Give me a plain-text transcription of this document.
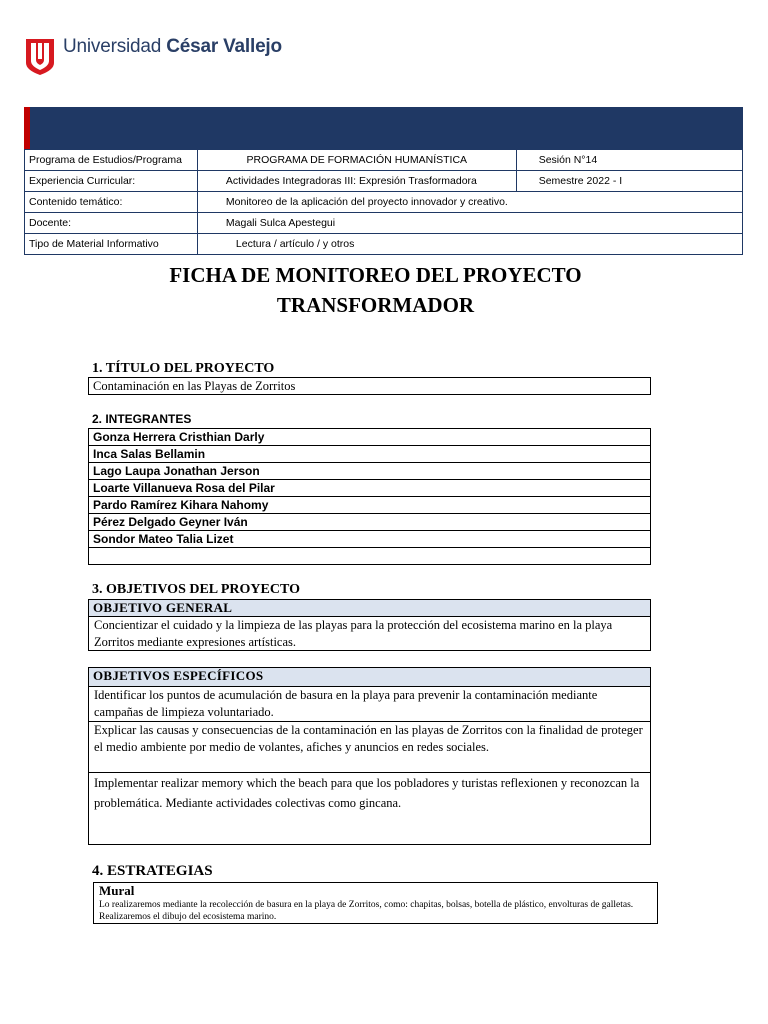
Universidad César Vallejo
Programa de Estudios/Programa	PROGRAMA DE FORMACIÓN HUMANÍSTICA	Sesión N°14
Experiencia Curricular:	Actividades Integradoras III: Expresión Trasformadora	Semestre 2022 - I
Contenido temático:	Monitoreo de la aplicación del proyecto innovador y creativo.	
Docente:	Magali Sulca Apestegui	
Tipo de Material Informativo	Lectura / artículo / y otros	
FICHA DE MONITOREO DEL PROYECTO
TRANSFORMADOR
1. TÍTULO DEL PROYECTO
Contaminación en las Playas de Zorritos
2. INTEGRANTES
Gonza Herrera Cristhian Darly
Inca Salas Bellamin
Lago Laupa Jonathan Jerson
Loarte Villanueva Rosa del Pilar
Pardo Ramírez Kihara Nahomy
Pérez Delgado Geyner Iván
Sondor Mateo Talia Lizet

3. OBJETIVOS DEL PROYECTO
OBJETIVO GENERAL
Concientizar el cuidado y la limpieza de las playas para la protección del ecosistema marino en la playa Zorritos mediante expresiones artísticas.
OBJETIVOS ESPECÍFICOS
Identificar los puntos de acumulación de basura en la playa para prevenir la contaminación mediante campañas de limpieza voluntariado.
Explicar las causas y consecuencias de la contaminación en las playas de Zorritos con la finalidad de proteger el medio ambiente por medio de volantes, afiches y anuncios en redes sociales.
Implementar realizar memory which the beach para que los pobladores y turistas reflexionen y reconozcan la problemática. Mediante actividades colectivas como gincana.
4. ESTRATEGIAS
Mural
Lo realizaremos mediante la recolección de basura en la playa de Zorritos, como: chapitas, bolsas, botella de plástico, envolturas de galletas. Realizaremos el dibujo del ecosistema marino.
